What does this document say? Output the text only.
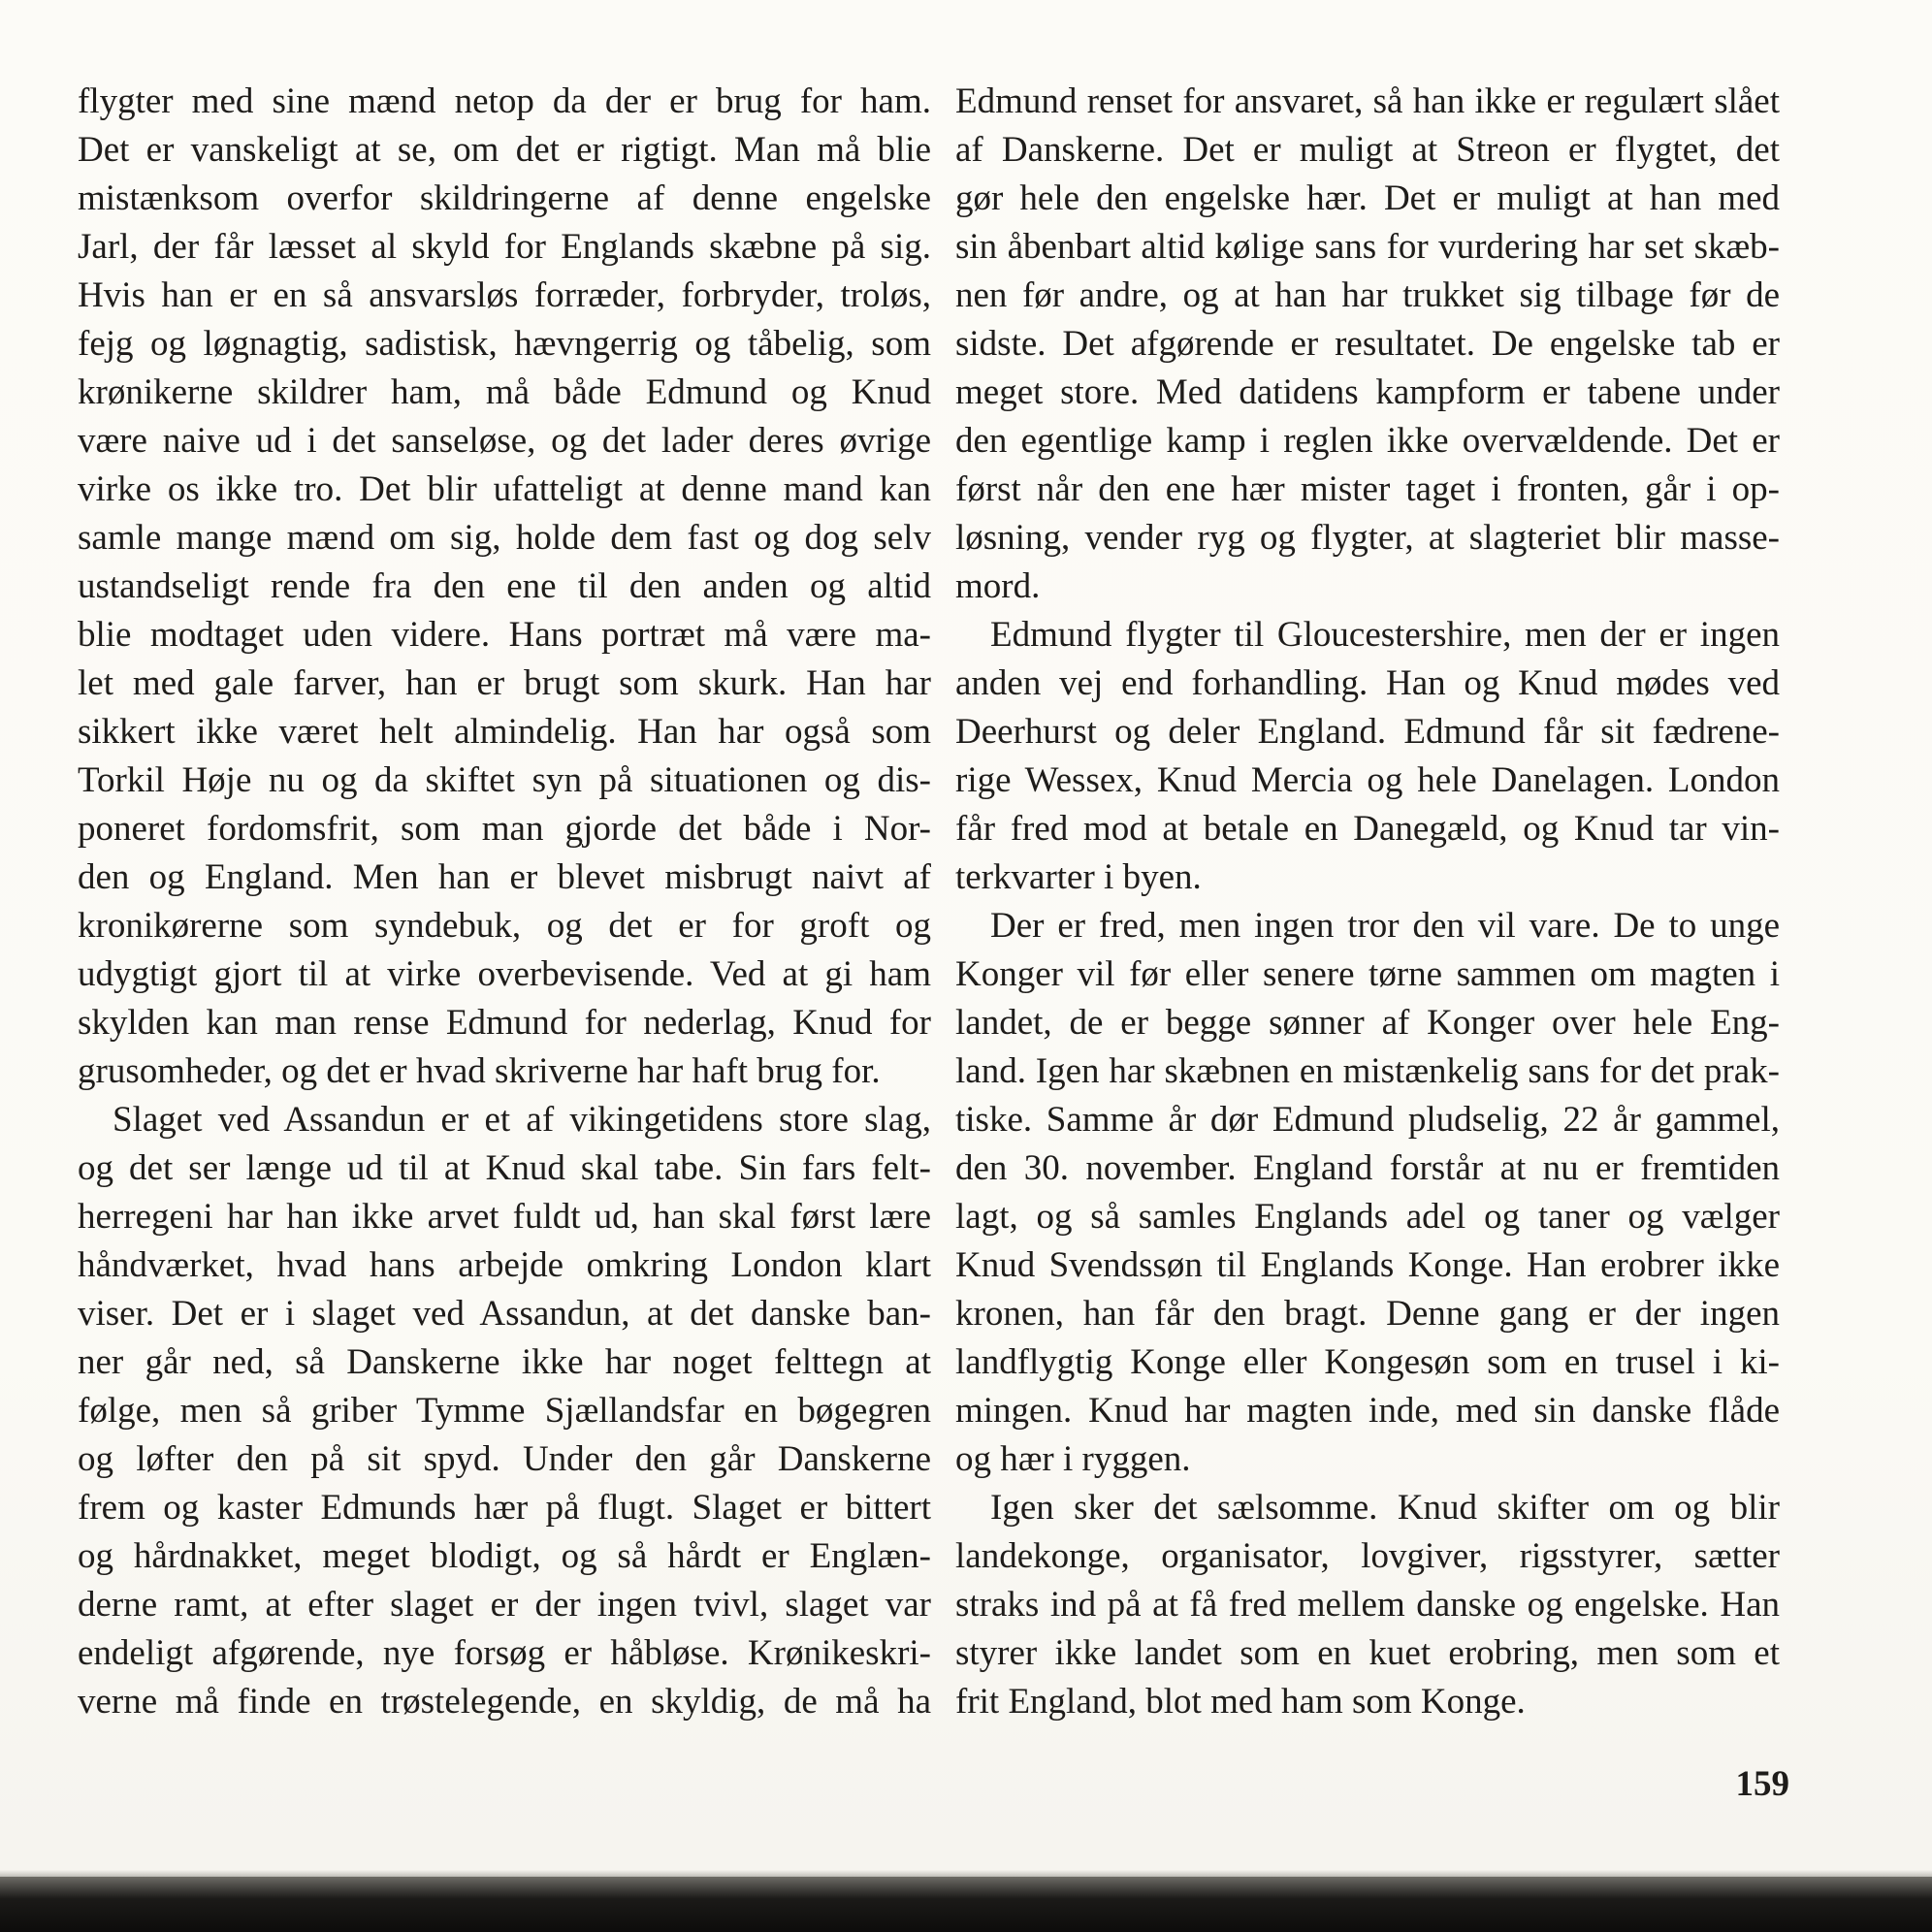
flygter med sine mænd netop da der er brug for ham.
Det er vanskeligt at se, om det er rigtigt. Man må blie
mistænksom overfor skildringerne af denne engelske
Jarl, der får læsset al skyld for Englands skæbne på sig.
Hvis han er en så ansvarsløs forræder, forbryder, troløs,
fejg og løgnagtig, sadistisk, hævngerrig og tåbelig, som
krønikerne skildrer ham, må både Edmund og Knud
være naive ud i det sanseløse, og det lader deres øvrige
virke os ikke tro. Det blir ufatteligt at denne mand kan
samle mange mænd om sig, holde dem fast og dog selv
ustandseligt rende fra den ene til den anden og altid
blie modtaget uden videre. Hans portræt må være ma-
let med gale farver, han er brugt som skurk. Han har
sikkert ikke været helt almindelig. Han har også som
Torkil Høje nu og da skiftet syn på situationen og dis-
poneret fordomsfrit, som man gjorde det både i Nor-
den og England. Men han er blevet misbrugt naivt af
kronikørerne som syndebuk, og det er for groft og
udygtigt gjort til at virke overbevisende. Ved at gi ham
skylden kan man rense Edmund for nederlag, Knud for
grusomheder, og det er hvad skriverne har haft brug for.
Slaget ved Assandun er et af vikingetidens store slag,
og det ser længe ud til at Knud skal tabe. Sin fars felt-
herregeni har han ikke arvet fuldt ud, han skal først lære
håndværket, hvad hans arbejde omkring London klart
viser. Det er i slaget ved Assandun, at det danske ban-
ner går ned, så Danskerne ikke har noget felttegn at
følge, men så griber Tymme Sjællandsfar en bøgegren
og løfter den på sit spyd. Under den går Danskerne
frem og kaster Edmunds hær på flugt. Slaget er bittert
og hårdnakket, meget blodigt, og så hårdt er Englæn-
derne ramt, at efter slaget er der ingen tvivl, slaget var
endeligt afgørende, nye forsøg er håbløse. Krønikeskri-
verne må finde en trøstelegende, en skyldig, de må ha
Edmund renset for ansvaret, så han ikke er regulært slået
af Danskerne. Det er muligt at Streon er flygtet, det
gør hele den engelske hær. Det er muligt at han med
sin åbenbart altid kølige sans for vurdering har set skæb-
nen før andre, og at han har trukket sig tilbage før de
sidste. Det afgørende er resultatet. De engelske tab er
meget store. Med datidens kampform er tabene under
den egentlige kamp i reglen ikke overvældende. Det er
først når den ene hær mister taget i fronten, går i op-
løsning, vender ryg og flygter, at slagteriet blir masse-
mord.
Edmund flygter til Gloucestershire, men der er ingen
anden vej end forhandling. Han og Knud mødes ved
Deerhurst og deler England. Edmund får sit fædrene-
rige Wessex, Knud Mercia og hele Danelagen. London
får fred mod at betale en Danegæld, og Knud tar vin-
terkvarter i byen.
Der er fred, men ingen tror den vil vare. De to unge
Konger vil før eller senere tørne sammen om magten i
landet, de er begge sønner af Konger over hele Eng-
land. Igen har skæbnen en mistænkelig sans for det prak-
tiske. Samme år dør Edmund pludselig, 22 år gammel,
den 30. november. England forstår at nu er fremtiden
lagt, og så samles Englands adel og taner og vælger
Knud Svendssøn til Englands Konge. Han erobrer ikke
kronen, han får den bragt. Denne gang er der ingen
landflygtig Konge eller Kongesøn som en trusel i ki-
mingen. Knud har magten inde, med sin danske flåde
og hær i ryggen.
Igen sker det sælsomme. Knud skifter om og blir
landekonge, organisator, lovgiver, rigsstyrer, sætter
straks ind på at få fred mellem danske og engelske. Han
styrer ikke landet som en kuet erobring, men som et
frit England, blot med ham som Konge.
159
